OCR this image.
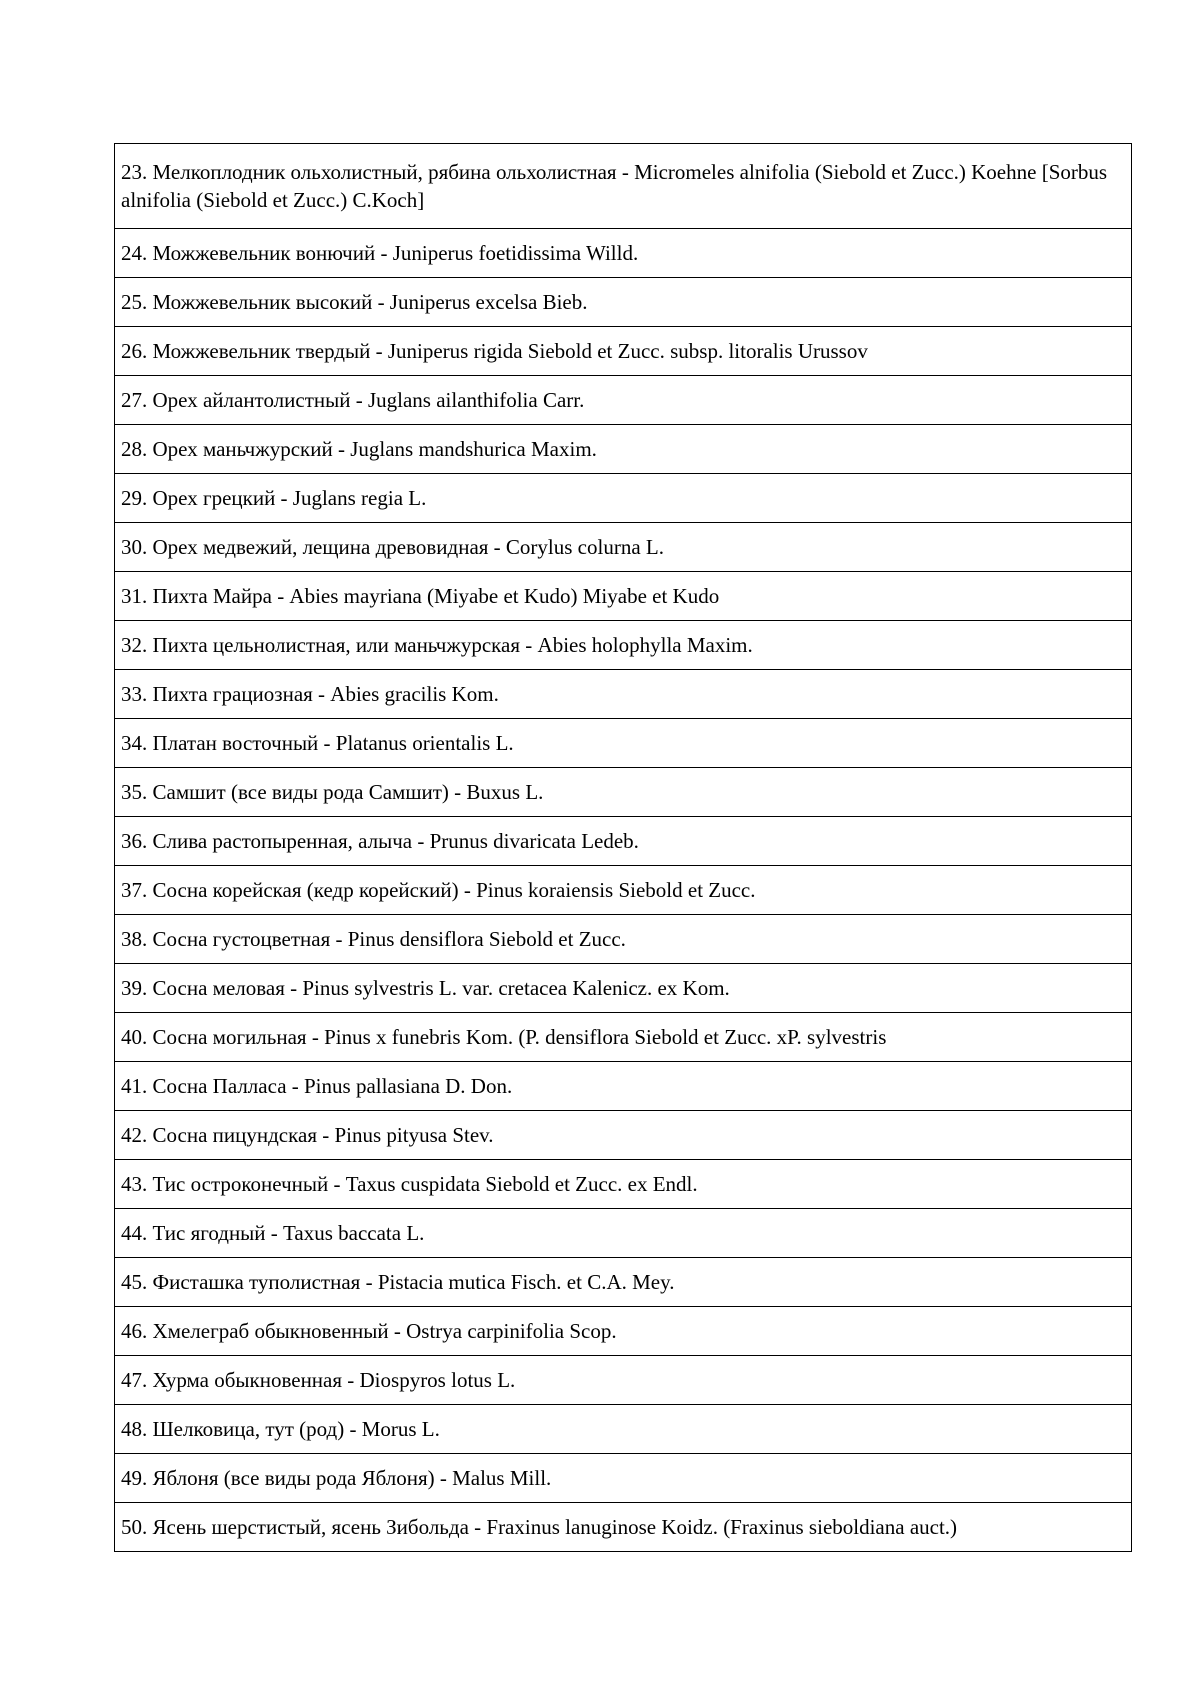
23. Мелкоплодник ольхолистный, рябина ольхолистная - Micromeles alnifolia (Siebold et Zucc.) Koehne [Sorbus alnifolia (Siebold et Zucc.) C.Koch]
24. Можжевельник вонючий - Juniperus foetidissima Willd.
25. Можжевельник высокий - Juniperus excelsa Bieb.
26. Можжевельник твердый - Juniperus rigida Siebold et Zucc. subsp. litoralis Urussov
27. Орех айлантолистный - Juglans ailanthifolia Carr.
28. Орех маньчжурский - Juglans mandshurica Maxim.
29. Орех грецкий - Juglans regia L.
30. Орех медвежий, лещина древовидная - Corylus colurna L.
31. Пихта Майра - Abies mayriana (Miyabe et Kudo) Miyabe et Kudo
32. Пихта цельнолистная, или маньчжурская - Abies holophylla Maxim.
33. Пихта грациозная - Abies gracilis Kom.
34. Платан восточный - Platanus orientalis L.
35. Самшит (все виды рода Самшит) - Buxus L.
36. Слива растопыренная, алыча - Prunus divaricata Ledeb.
37. Сосна корейская (кедр корейский) - Pinus koraiensis Siebold et Zucc.
38. Сосна густоцветная - Pinus densiflora Siebold et Zucc.
39. Сосна меловая - Pinus sylvestris L. var. cretacea Kalenicz. ex Kom.
40. Сосна могильная - Pinus x funebris Kom. (P. densiflora Siebold et Zucc. xP. sylvestris
41. Сосна Палласа - Pinus pallasiana D. Don.
42. Сосна пицундская - Pinus pityusa Stev.
43. Тис остроконечный - Taxus cuspidata Siebold et Zucc. ex Endl.
44. Тис ягодный - Taxus baccata L.
45. Фисташка туполистная - Pistacia mutica Fisch. et C.A. Mey.
46. Хмелеграб обыкновенный - Ostrya carpinifolia Scop.
47. Хурма обыкновенная - Diospyros lotus L.
48. Шелковица, тут (род) - Morus L.
49. Яблоня (все виды рода Яблоня) - Malus Mill.
50. Ясень шерстистый, ясень Зибольда - Fraxinus lanuginose Koidz. (Fraxinus sieboldiana auct.)
